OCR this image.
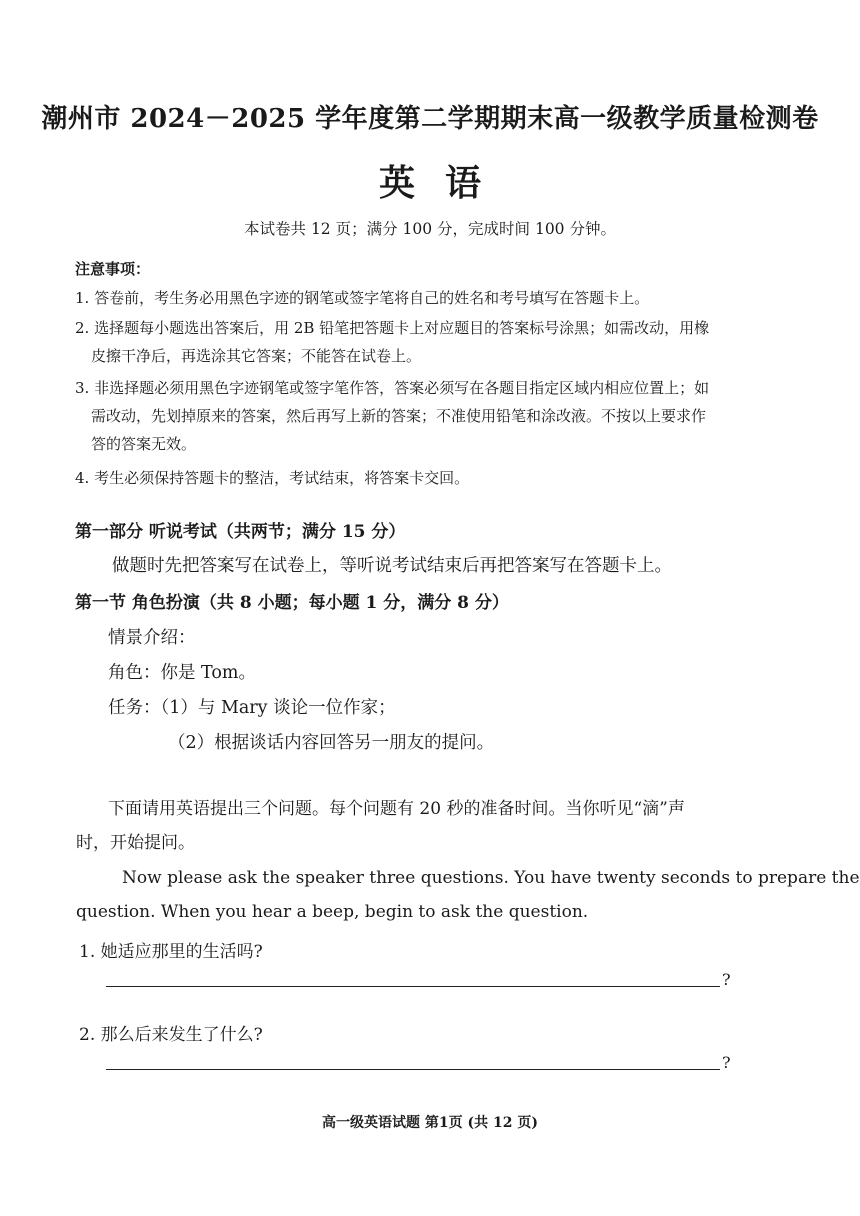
潮州市 2024－2025 学年度第二学期期末高一级教学质量检测卷
英语
本试卷共 12 页；满分 100 分，完成时间 100 分钟。
注意事项：
1. 答卷前，考生务必用黑色字迹的钢笔或签字笔将自己的姓名和考号填写在答题卡上。
2. 选择题每小题选出答案后，用 2B 铅笔把答题卡上对应题目的答案标号涂黑；如需改动，用橡
皮擦干净后，再选涂其它答案；不能答在试卷上。
3. 非选择题必须用黑色字迹钢笔或签字笔作答，答案必须写在各题目指定区域内相应位置上；如
需改动，先划掉原来的答案，然后再写上新的答案；不准使用铅笔和涂改液。不按以上要求作
答的答案无效。
4. 考生必须保持答题卡的整洁，考试结束，将答案卡交回。
第一部分 听说考试（共两节；满分 15 分）
做题时先把答案写在试卷上，等听说考试结束后再把答案写在答题卡上。
第一节 角色扮演（共 8 小题；每小题 1 分，满分 8 分）
情景介绍：
角色：你是 Tom。
任务：（1）与 Mary 谈论一位作家；
（2）根据谈话内容回答另一朋友的提问。
下面请用英语提出三个问题。每个问题有 20 秒的准备时间。当你听见“滴”声
时，开始提问。
Now please ask the speaker three questions. You have twenty seconds to prepare the
question. When you hear a beep, begin to ask the question.
1. 她适应那里的生活吗?
?
2. 那么后来发生了什么?
?
高一级英语试题 第1页 (共 12 页)
